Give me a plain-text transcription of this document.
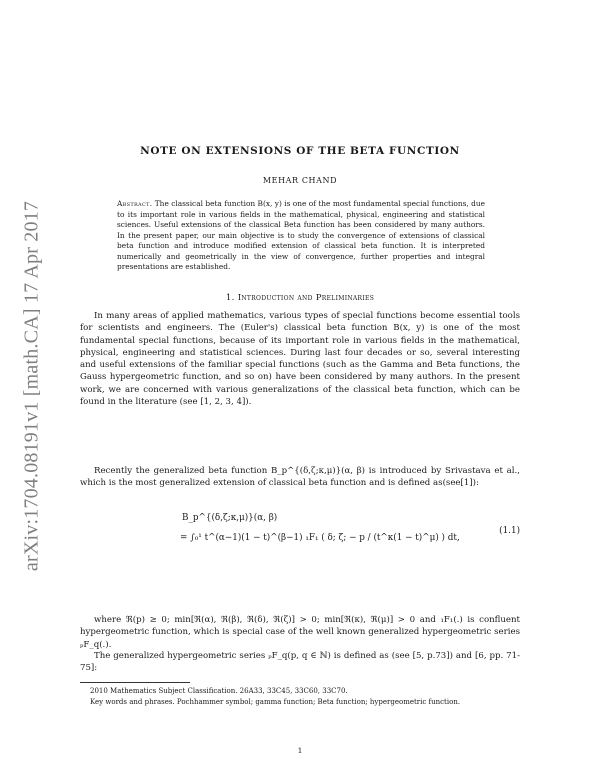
arXiv:1704.08191v1 [math.CA] 17 Apr 2017
NOTE ON EXTENSIONS OF THE BETA FUNCTION
MEHAR CHAND
Abstract. The classical beta function B(x, y) is one of the most fundamental special functions, due to its important role in various fields in the mathematical, physical, engineering and statistical sciences. Useful extensions of the classical Beta function has been considered by many authors. In the present paper, our main objective is to study the convergence of extensions of classical beta function and introduce modified extension of classical beta function. It is interpreted numerically and geometrically in the view of convergence, further properties and integral presentations are established.
1. Introduction and Preliminaries
In many areas of applied mathematics, various types of special functions become essential tools for scientists and engineers. The (Euler's) classical beta function B(x, y) is one of the most fundamental special functions, because of its important role in various fields in the mathematical, physical, engineering and statistical sciences. During last four decades or so, several interesting and useful extensions of the familiar special functions (such as the Gamma and Beta functions, the Gauss hypergeometric function, and so on) have been considered by many authors. In the present work, we are concerned with various generalizations of the classical beta function, which can be found in the literature (see [1, 2, 3, 4]).
Recently the generalized beta function B_p^{(δ,ζ;κ,μ)}(α, β) is introduced by Srivastava et al., which is the most generalized extension of classical beta function and is defined as(see[1]):
B_p^{(δ,ζ;κ,μ)}(α, β)
= ∫₀¹ t^(α−1)(1 − t)^(β−1) ₁F₁ ( δ; ζ; − p / (t^κ(1 − t)^μ) ) dt,
(1.1)
where ℜ(p) ≥ 0; min[ℜ(α), ℜ(β), ℜ(δ), ℜ(ζ)] > 0; min[ℜ(κ), ℜ(μ)] > 0 and ₁F₁(.) is confluent hypergeometric function, which is special case of the well known generalized hypergeometric series ₚF_q(.).
The generalized hypergeometric series ₚF_q(p, q ∈ ℕ) is defined as (see [5, p.73]) and [6, pp. 71-75]:
2010 Mathematics Subject Classification. 26A33, 33C45, 33C60, 33C70.
Key words and phrases. Pochhammer symbol; gamma function; Beta function; hypergeometric function.
1
